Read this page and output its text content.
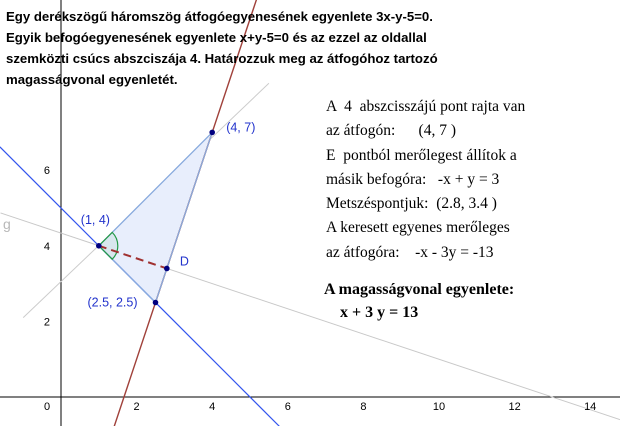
0	2	4	6	8	10	12	14
2
4
6
g	(1, 4)
(4, 7)
(2.5, 2.5)
D
Egy derékszögű háromszög átfogóegyenesének egyenlete 3x-y-5=0.
Egyik befogóegyenesének egyenlete x+y-5=0 és az ezzel az oldallal
szemközti csúcs abszciszája 4. Határozzuk meg az átfogóhoz tartozó
magasságvonal egyenletét.
A  4  abszcisszájú pont rajta van
az átfogón:      (4, 7 )
E  pontból merőlegest állítok a
másik befogóra:   -x + y = 3
Metszéspontjuk:  (2.8, 3.4 )
A keresett egyenes merőleges
az átfogóra:    -x - 3y = -13
A magasságvonal egyenlete:
x + 3 y = 13
